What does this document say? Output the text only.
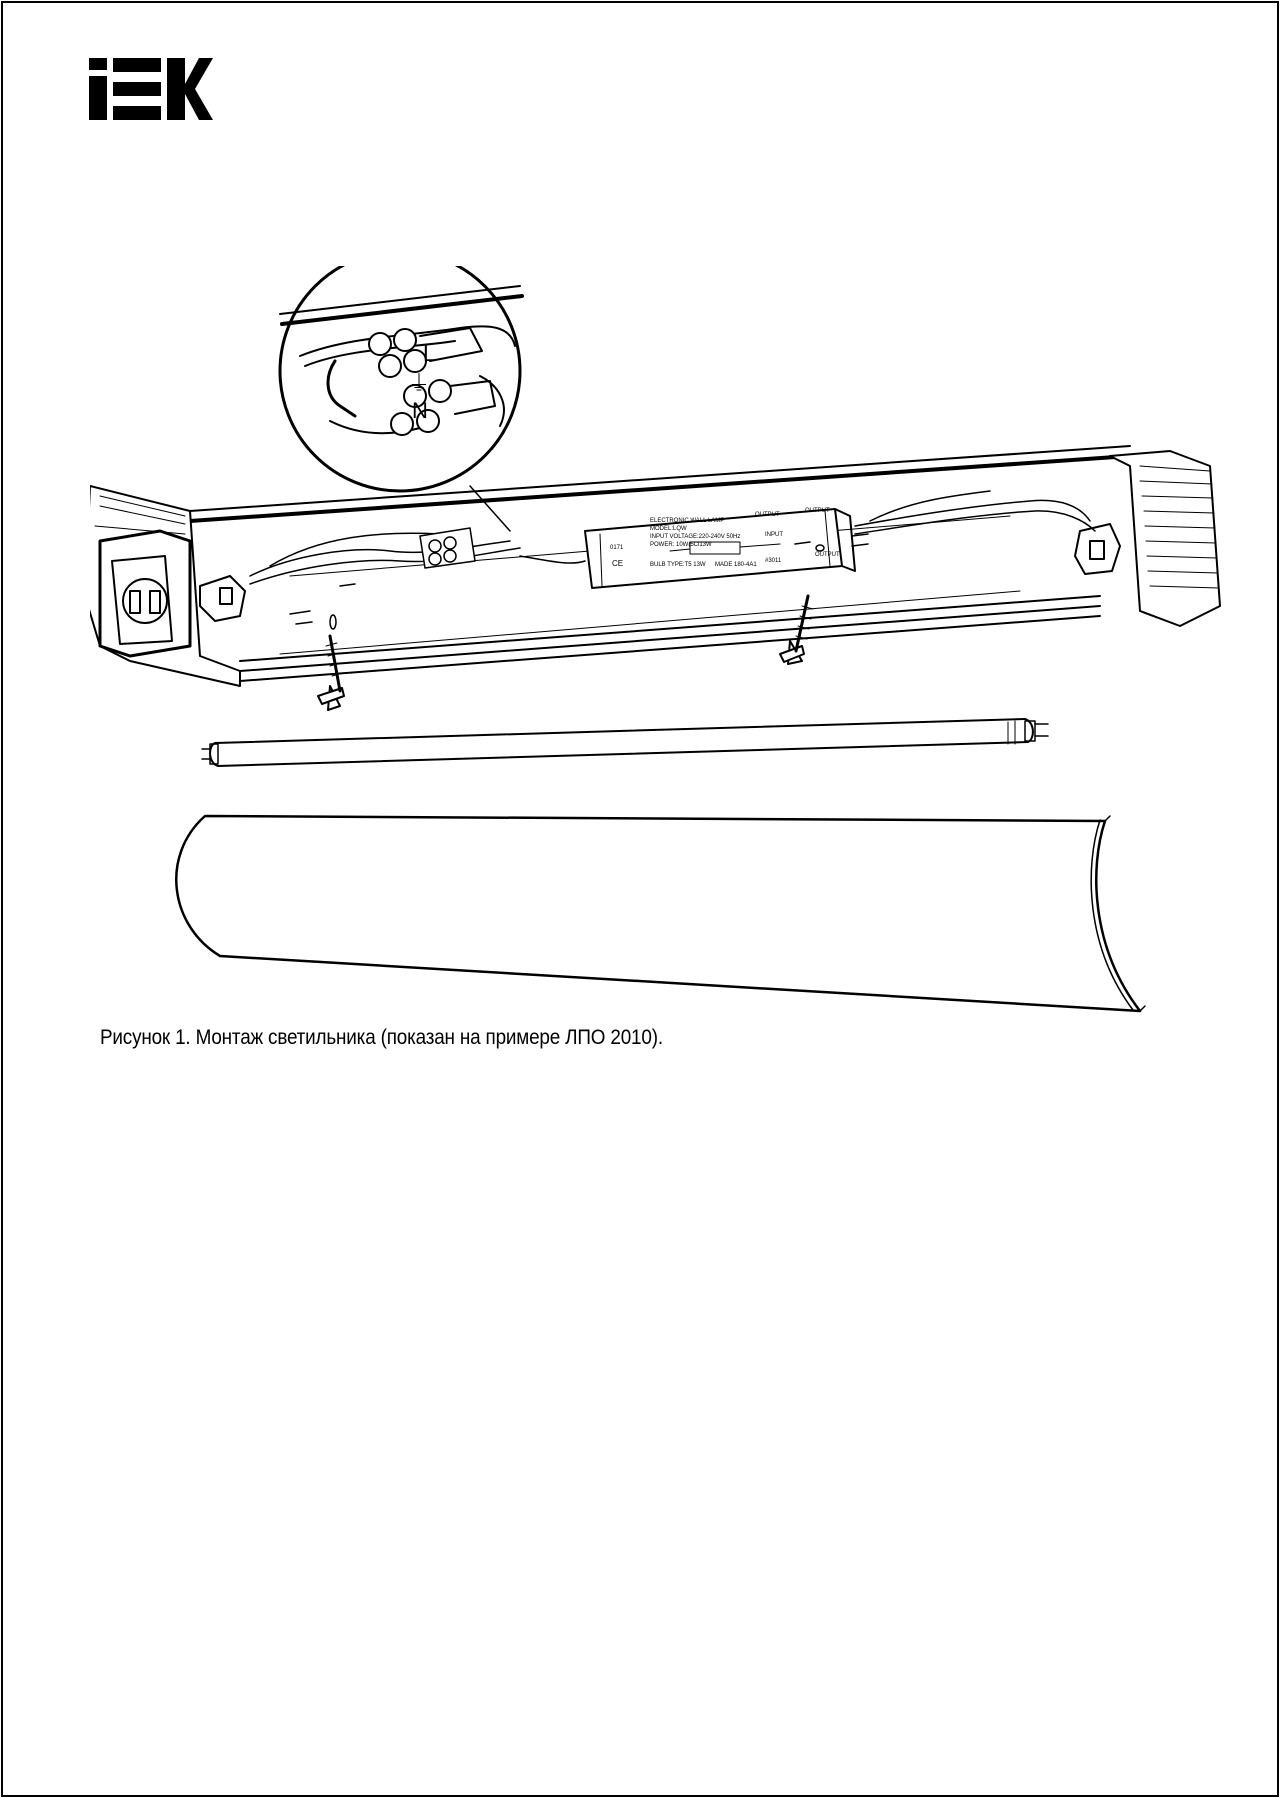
L
⏚
N
ELECTRONIC WALL LAMP
MODEL:LQW
INPUT VOLTAGE:220-240V 50Hz
POWER: 10W(5Cl13W
BULB TYPE:T5 13W
0171
CE
OUTPUT
OUTPUT
OUTPUT
INPUT
MADE 180-4A1
#3011
Рисунок 1. Монтаж светильника (показан на примере ЛПО 2010).
